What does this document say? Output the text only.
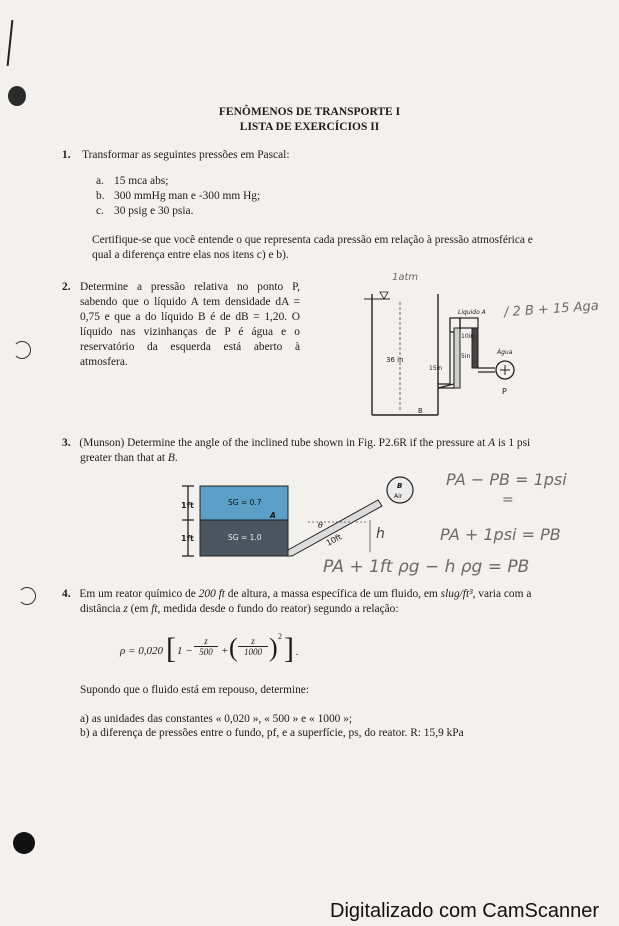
FENÔMENOS DE TRANSPORTE I
LISTA DE EXERCÍCIOS II
1. Transformar as seguintes pressões em Pascal:
a. 15 mca abs;
b. 300 mmHg man e -300 mm Hg;
c. 30 psig e 30 psia.
Certifique-se que você entende o que representa cada pressão em relação à pressão atmosférica e
qual a diferença entre elas nos itens c) e b).
2. Determine a pressão relativa no ponto P,
sabendo que o líquido A tem densidade dA =
0,75 e que a do líquido B é de dB = 1,20. O
líquido nas vizinhanças de P é água e o
reservatório da esquerda está aberto à
atmosfera.	36 in
B
15in
10in
5in
P
Água
Liquido A
1atm
/ 2 B + 15 Aga
3. (Munson) Determine the angle of the inclined tube shown in Fig. P2.6R if the pressure at A is 1 psi
greater than that at B.
1ft
1ft
SG = 0.7
SG = 1.0
A
θ
10ft
B
Air
h
PA − PB = 1psi
=
PA + 1psi = PB
PA + 1ft ρg − h ρg = PB
4. Em um reator químico de 200 ft de altura, a massa específica de um fluido, em slug/ft³, varia com a
distância z (em ft, medida desde o fundo do reator) segundo a relação:
ρ = 0,020 [ $1 - \frac{z}{500}$ + ( $\frac{z}{1000}$ ) 2 ] .
Supondo que o fluido está em repouso, determine:
a) as unidades das constantes « 0,020 », « 500 » e « 1000 »;
b) a diferença de pressões entre o fundo, pf, e a superfície, ps, do reator. R: 15,9 kPa
Digitalizado com CamScanner
